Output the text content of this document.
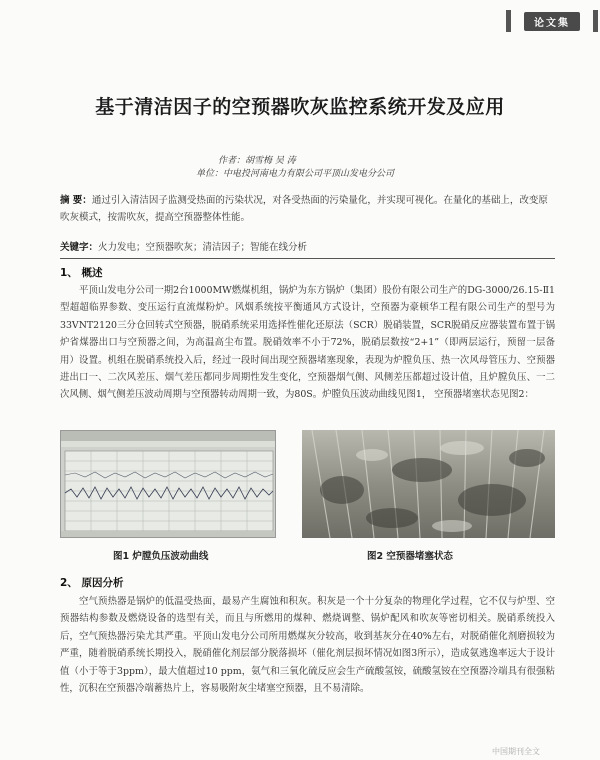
论文集
基于清洁因子的空预器吹灰监控系统开发及应用
作者：胡雪梅 吴 涛
单位：中电投河南电力有限公司平顶山发电分公司
摘 要：通过引入清洁因子监测受热面的污染状况，对各受热面的污染量化，并实现可视化。在量化的基础上，改变原吹灰模式，按需吹灰，提高空预器整体性能。
关键字：火力发电；空预器吹灰；清洁因子；智能在线分析
1、 概述
平顶山发电分公司一期2台1000MW燃煤机组，锅炉为东方锅炉（集团）股份有限公司生产的DG-3000/26.15-Ⅱ1型超超临界参数、变压运行直流煤粉炉。风烟系统按平衡通风方式设计，空预器为豪顿华工程有限公司生产的型号为33VNT2120三分仓回转式空预器，脱硝系统采用选择性催化还原法（SCR）脱硝装置，SCR脱硝反应器装置布置于锅炉省煤器出口与空预器之间，为高温高尘布置。脱硝效率不小于72%，脱硝层数按“2+1”（即两层运行，预留一层备用）设置。机组在脱硝系统投入后，经过一段时间出现空预器堵塞现象，表现为炉膛负压、热一次风母管压力、空预器进出口一、二次风差压、烟气差压都同步周期性发生变化，空预器烟气侧、风侧差压都超过设计值，且炉膛负压、一二次风侧、烟气侧差压波动周期与空预器转动周期一致，为80S。炉膛负压波动曲线见图1， 空预器堵塞状态见图2：
图1 炉膛负压波动曲线	图2 空预器堵塞状态
2、 原因分析
空气预热器是锅炉的低温受热面，最易产生腐蚀和积灰。积灰是一个十分复杂的物理化学过程，它不仅与炉型、空预器结构参数及燃烧设备的选型有关，而且与所燃用的煤种、燃烧调整、锅炉配风和吹灰等密切相关。脱硝系统投入后，空气预热器污染尤其严重。平顶山发电分公司所用燃煤灰分较高，收到基灰分在40%左右，对脱硝催化剂磨损较为严重，随着脱硝系统长期投入，脱硝催化剂层部分脱落损坏（催化剂层损坏情况如图3所示），造成氨逃逸率远大于设计值（小于等于3ppm），最大值超过10 ppm，氨气和三氧化硫反应会生产硫酸氢铵，硫酸氢铵在空预器冷端具有很强粘性，沉积在空预器冷端蓄热片上，容易吸附灰尘堵塞空预器，且不易清除。
中国期刊全文
